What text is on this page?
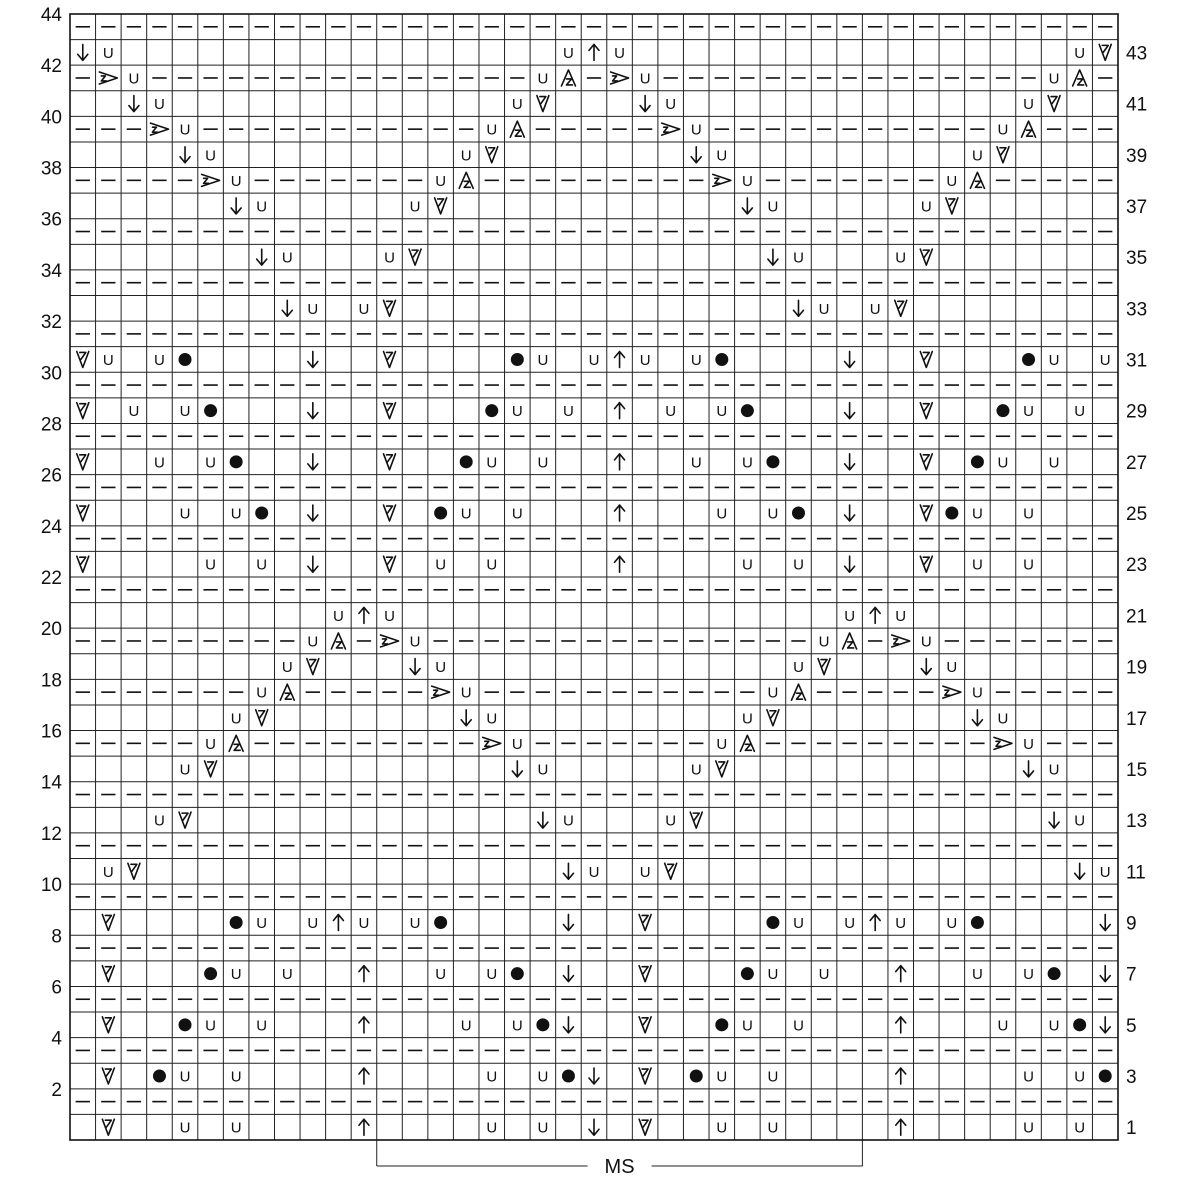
U	U	U	U
U	U	U	U
U	U	U	U
U	U	U	U
U	U	U	U
U	U	U	U
U	U	U	U
U	U	U	U
U	U	U	U
U	U	U	U	U	U	U	U
U	U	U	U	U	U	U	U
U	U	U	U	U	U	U	U
U	U	U	U	U	U	U	U
U	U	U	U	U	U	U	U
U	U	U	U
U	U	U	U
U	U	U	U
U	U	U	U
U	U	U	U
U	U	U	U
U	U	U	U
U	U	U	U
U	U	U	U
U	U	U	U	U	U	U	U
U	U	U	U	U	U	U	U
U	U	U	U	U	U	U	U
U	U	U	U	U	U	U	U
U	U	U	U	U	U	U	U
44
42
40
38
36
34
32
30
28
26
24
22
20
18
16
14
12
10
8
6
4
2
43
41
39
37
35
33
31
29
27
25
23
21
19
17
15
13
11
9
7
5
3
1
MS
